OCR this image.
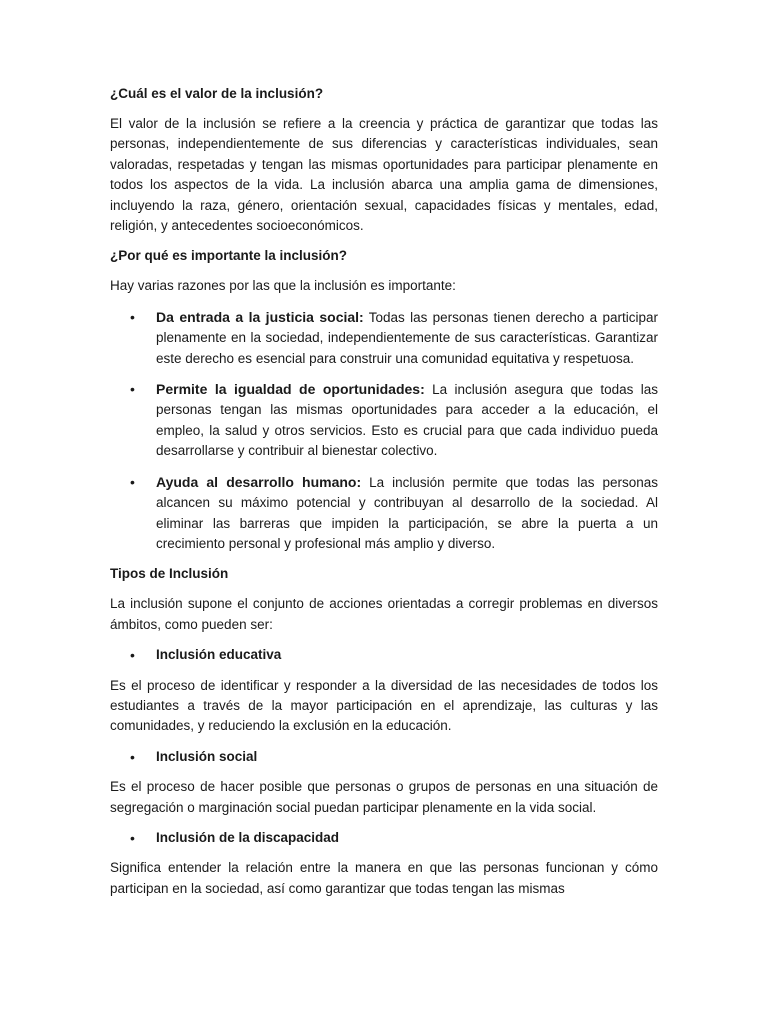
¿Cuál es el valor de la inclusión?

El valor de la inclusión se refiere a la creencia y práctica de garantizar que todas las personas, independientemente de sus diferencias y características individuales, sean valoradas, respetadas y tengan las mismas oportunidades para participar plenamente en todos los aspectos de la vida. La inclusión abarca una amplia gama de dimensiones, incluyendo la raza, género, orientación sexual, capacidades físicas y mentales, edad, religión, y antecedentes socioeconómicos.

¿Por qué es importante la inclusión?

Hay varias razones por las que la inclusión es importante:

• Da entrada a la justicia social: Todas las personas tienen derecho a participar plenamente en la sociedad, independientemente de sus características. Garantizar este derecho es esencial para construir una comunidad equitativa y respetuosa.
• Permite la igualdad de oportunidades: La inclusión asegura que todas las personas tengan las mismas oportunidades para acceder a la educación, el empleo, la salud y otros servicios. Esto es crucial para que cada individuo pueda desarrollarse y contribuir al bienestar colectivo.
• Ayuda al desarrollo humano: La inclusión permite que todas las personas alcancen su máximo potencial y contribuyan al desarrollo de la sociedad. Al eliminar las barreras que impiden la participación, se abre la puerta a un crecimiento personal y profesional más amplio y diverso.
Tipos de Inclusión

La inclusión supone el conjunto de acciones orientadas a corregir problemas en diversos ámbitos, como pueden ser:

• Inclusión educativa

Es el proceso de identificar y responder a la diversidad de las necesidades de todos los estudiantes a través de la mayor participación en el aprendizaje, las culturas y las comunidades, y reduciendo la exclusión en la educación.

• Inclusión social

Es el proceso de hacer posible que personas o grupos de personas en una situación de segregación o marginación social puedan participar plenamente en la vida social.

• Inclusión de la discapacidad

Significa entender la relación entre la manera en que las personas funcionan y cómo participan en la sociedad, así como garantizar que todas tengan las mismas
